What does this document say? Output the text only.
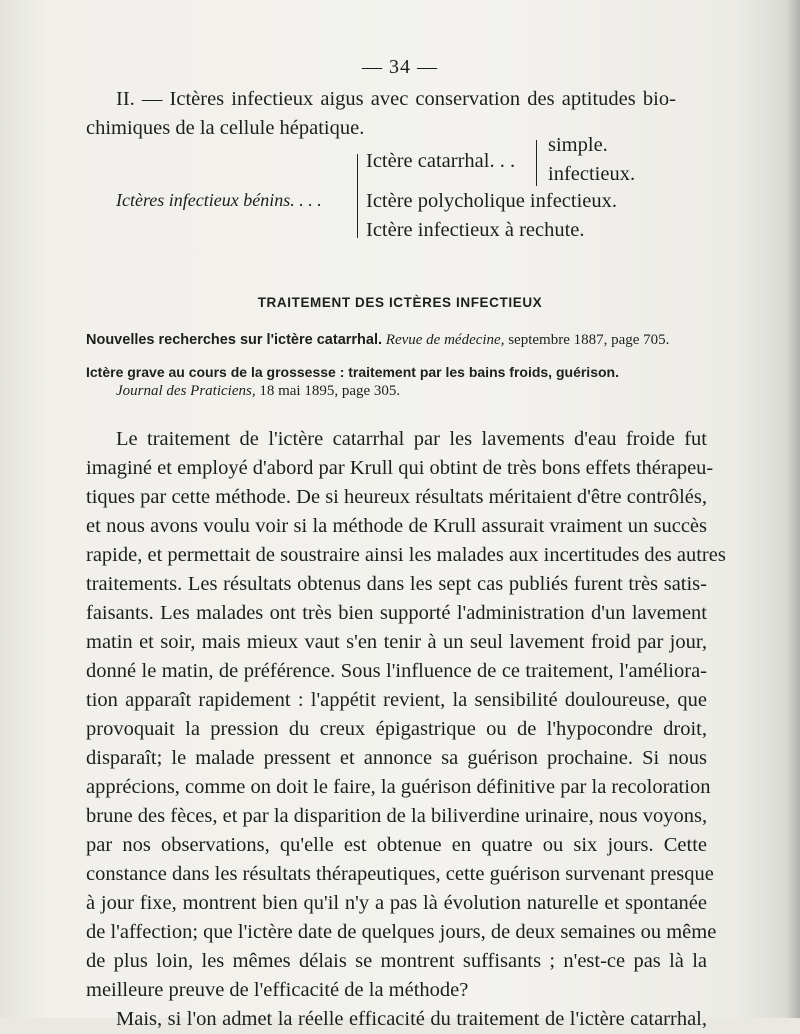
— 34 —
II. — Ictères infectieux aigus avec conservation des aptitudes bio-
chimiques de la cellule hépatique.
Ictères infectieux bénins. . . .
Ictère catarrhal. . .
simple.
infectieux.
Ictère polycholique infectieux.
Ictère infectieux à rechute.
TRAITEMENT DES ICTÈRES INFECTIEUX
Nouvelles recherches sur l'ictère catarrhal. Revue de médecine, septembre 1887, page 705.
Ictère grave au cours de la grossesse : traitement par les bains froids, guérison.
Journal des Praticiens, 18 mai 1895, page 305.
Le traitement de l'ictère catarrhal par les lavements d'eau froide fut
imaginé et employé d'abord par Krull qui obtint de très bons effets thérapeu-
tiques par cette méthode. De si heureux résultats méritaient d'être contrôlés,
et nous avons voulu voir si la méthode de Krull assurait vraiment un succès
rapide, et permettait de soustraire ainsi les malades aux incertitudes des autres
traitements. Les résultats obtenus dans les sept cas publiés furent très satis-
faisants. Les malades ont très bien supporté l'administration d'un lavement
matin et soir, mais mieux vaut s'en tenir à un seul lavement froid par jour,
donné le matin, de préférence. Sous l'influence de ce traitement, l'améliora-
tion apparaît rapidement : l'appétit revient, la sensibilité douloureuse, que
provoquait la pression du creux épigastrique ou de l'hypocondre droit,
disparaît; le malade pressent et annonce sa guérison prochaine. Si nous
apprécions, comme on doit le faire, la guérison définitive par la recoloration
brune des fèces, et par la disparition de la biliverdine urinaire, nous voyons,
par nos observations, qu'elle est obtenue en quatre ou six jours. Cette
constance dans les résultats thérapeutiques, cette guérison survenant presque
à jour fixe, montrent bien qu'il n'y a pas là évolution naturelle et spontanée
de l'affection; que l'ictère date de quelques jours, de deux semaines ou même
de plus loin, les mêmes délais se montrent suffisants ; n'est-ce pas là la
meilleure preuve de l'efficacité de la méthode?
Mais, si l'on admet la réelle efficacité du traitement de l'ictère catarrhal,
